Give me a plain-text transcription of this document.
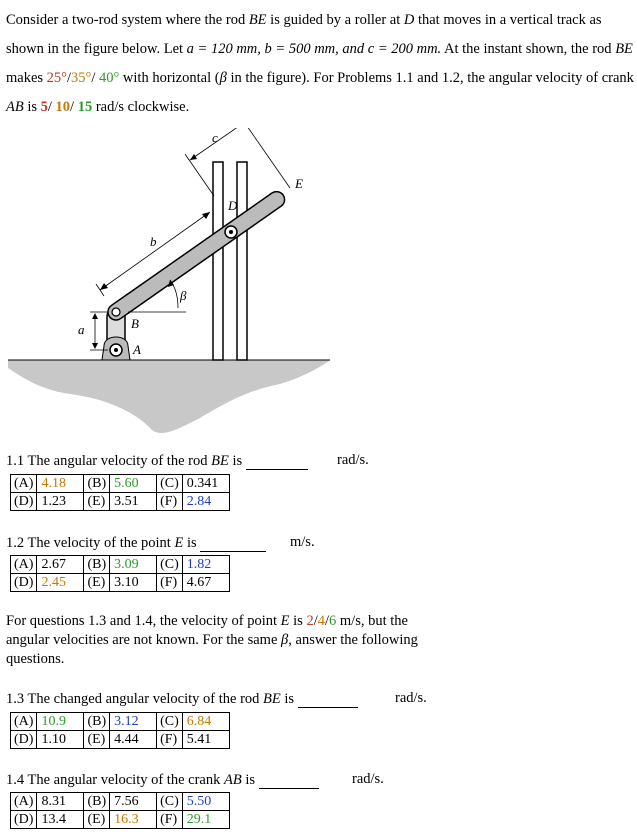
Consider a two-rod system where the rod BE is guided by a roller at D that moves in a vertical track as shown in the figure below. Let a = 120 mm, b = 500 mm, and c = 200 mm. At the instant shown, the rod BE makes 25°/35°/ 40° with horizontal (β in the figure). For Problems 1.1 and 1.2, the angular velocity of crank AB is 5/ 10/ 15 rad/s clockwise.

a
b
c
A
B
D
E
β

1.1 The angular velocity of the rod BE is	rad/s.
(A)	4.18	(B)	5.60	(C)	0.341
(D)	1.23	(E)	3.51	(F)	2.84

1.2 The velocity of the point E is	m/s.
(A)	2.67	(B)	3.09	(C)	1.82
(D)	2.45	(E)	3.10	(F)	4.67

For questions 1.3 and 1.4, the velocity of point E is 2/4/6 m/s, but the angular velocities are not known. For the same β, answer the following questions.

1.3 The changed angular velocity of the rod BE is	rad/s.
(A)	10.9	(B)	3.12	(C)	6.84
(D)	1.10	(E)	4.44	(F)	5.41

1.4 The angular velocity of the crank AB is	rad/s.
(A)	8.31	(B)	7.56	(C)	5.50
(D)	13.4	(E)	16.3	(F)	29.1
